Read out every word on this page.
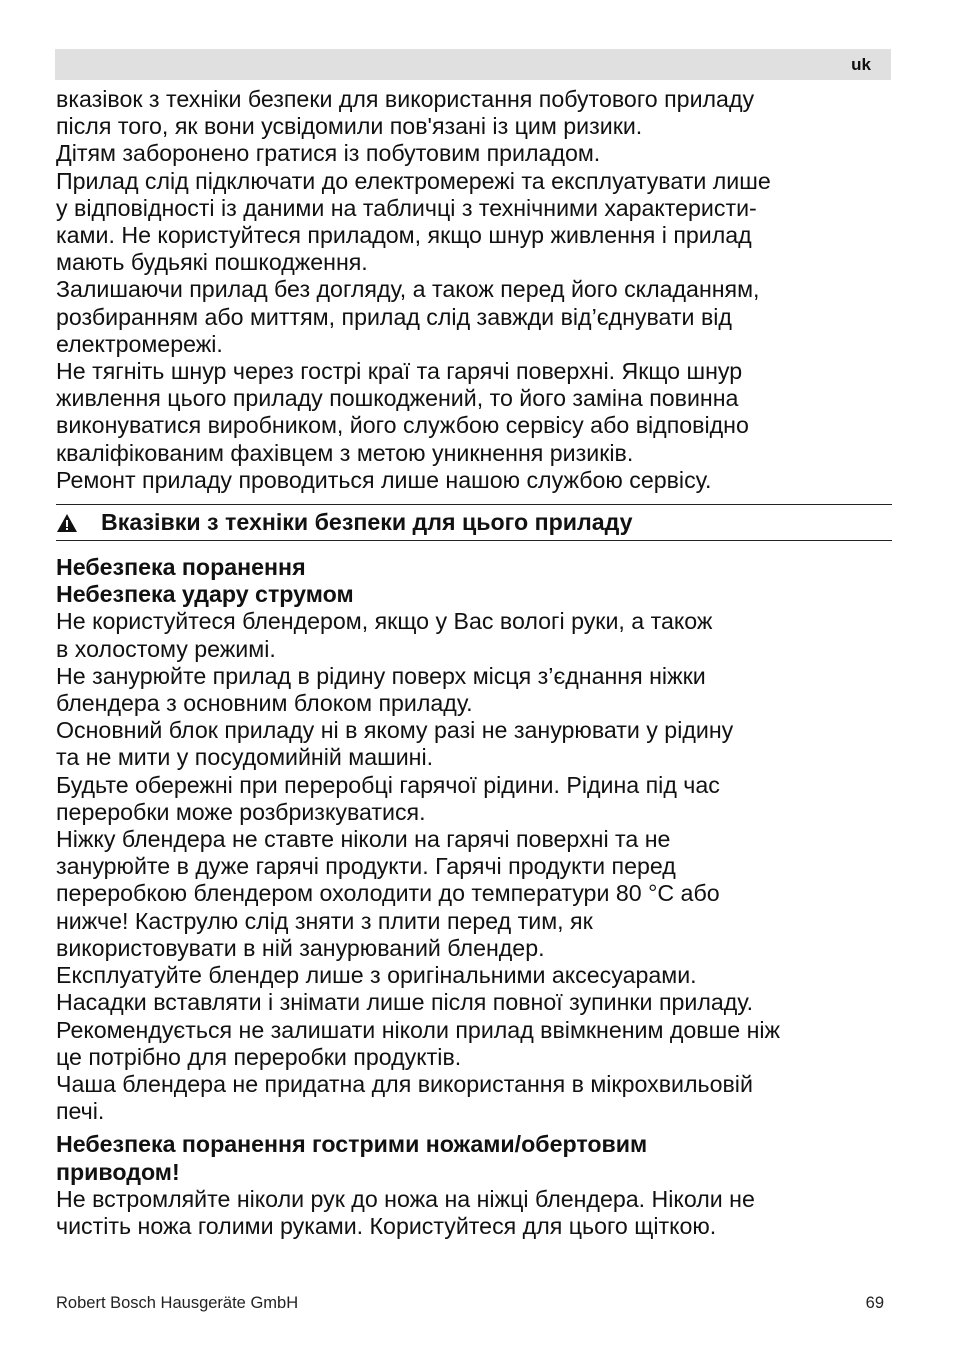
uk

вказівок з техніки безпеки для використання побутового приладу
після того, як вони усвідомили пов'язані із цим ризики.

Дітям заборонено гратися із побутовим приладом.

Прилад слід підключати до електромережі та експлуатувати лише
у відповідності із даними на табличці з технічними характеристи-
ками. Не користуйтеся приладом, якщо шнур живлення і прилад
мають будьякі пошкодження.

Залишаючи прилад без догляду, а також перед його складанням,
розбиранням або миттям, прилад слід завжди від’єднувати від
електромережі.

Не тягніть шнур через гострі краї та гарячі поверхні. Якщо шнур
живлення цього приладу пошкоджений, то його заміна повинна
виконуватися виробником, його службою сервісу або відповідно
кваліфікованим фахівцем з метою уникнення ризиків.

Ремонт приладу проводиться лише нашою службою сервісу.

Вказівки з техніки безпеки для цього приладу

Небезпека поранення

Небезпека удару струмом

Не користуйтеся блендером, якщо у Вас вологі руки, а також
в холостому режимі.

Не занурюйте прилад в рідину поверх місця з’єднання ніжки
блендера з основним блоком приладу.

Основний блок приладу ні в якому разі не занурювати у рідину
та не мити у посудомийній машині.

Будьте обережні при переробці гарячої рідини. Рідина під час
переробки може розбризкуватися.

Ніжку блендера не ставте ніколи на гарячі поверхні та не
занурюйте в дуже гарячі продукти. Гарячі продукти перед
переробкою блендером охолодити до температури 80 °C або
нижче! Каструлю слід зняти з плити перед тим, як
використовувати в ній занурюваний блендер.

Експлуатуйте блендер лише з оригінальними аксесуарами.

Насадки вставляти і знімати лише після повної зупинки приладу.

Рекомендується не залишати ніколи прилад ввімкненим довше ніж
це потрібно для переробки продуктів.

Чаша блендера не придатна для використання в мікрохвильовій
печі.

Небезпека поранення гострими ножами/обертовим
приводом!

Не встромляйте ніколи рук до ножа на ніжці блендера. Ніколи не
чистіть ножа голими руками. Користуйтеся для цього щіткою.

Robert Bosch Hausgeräte GmbH	69
